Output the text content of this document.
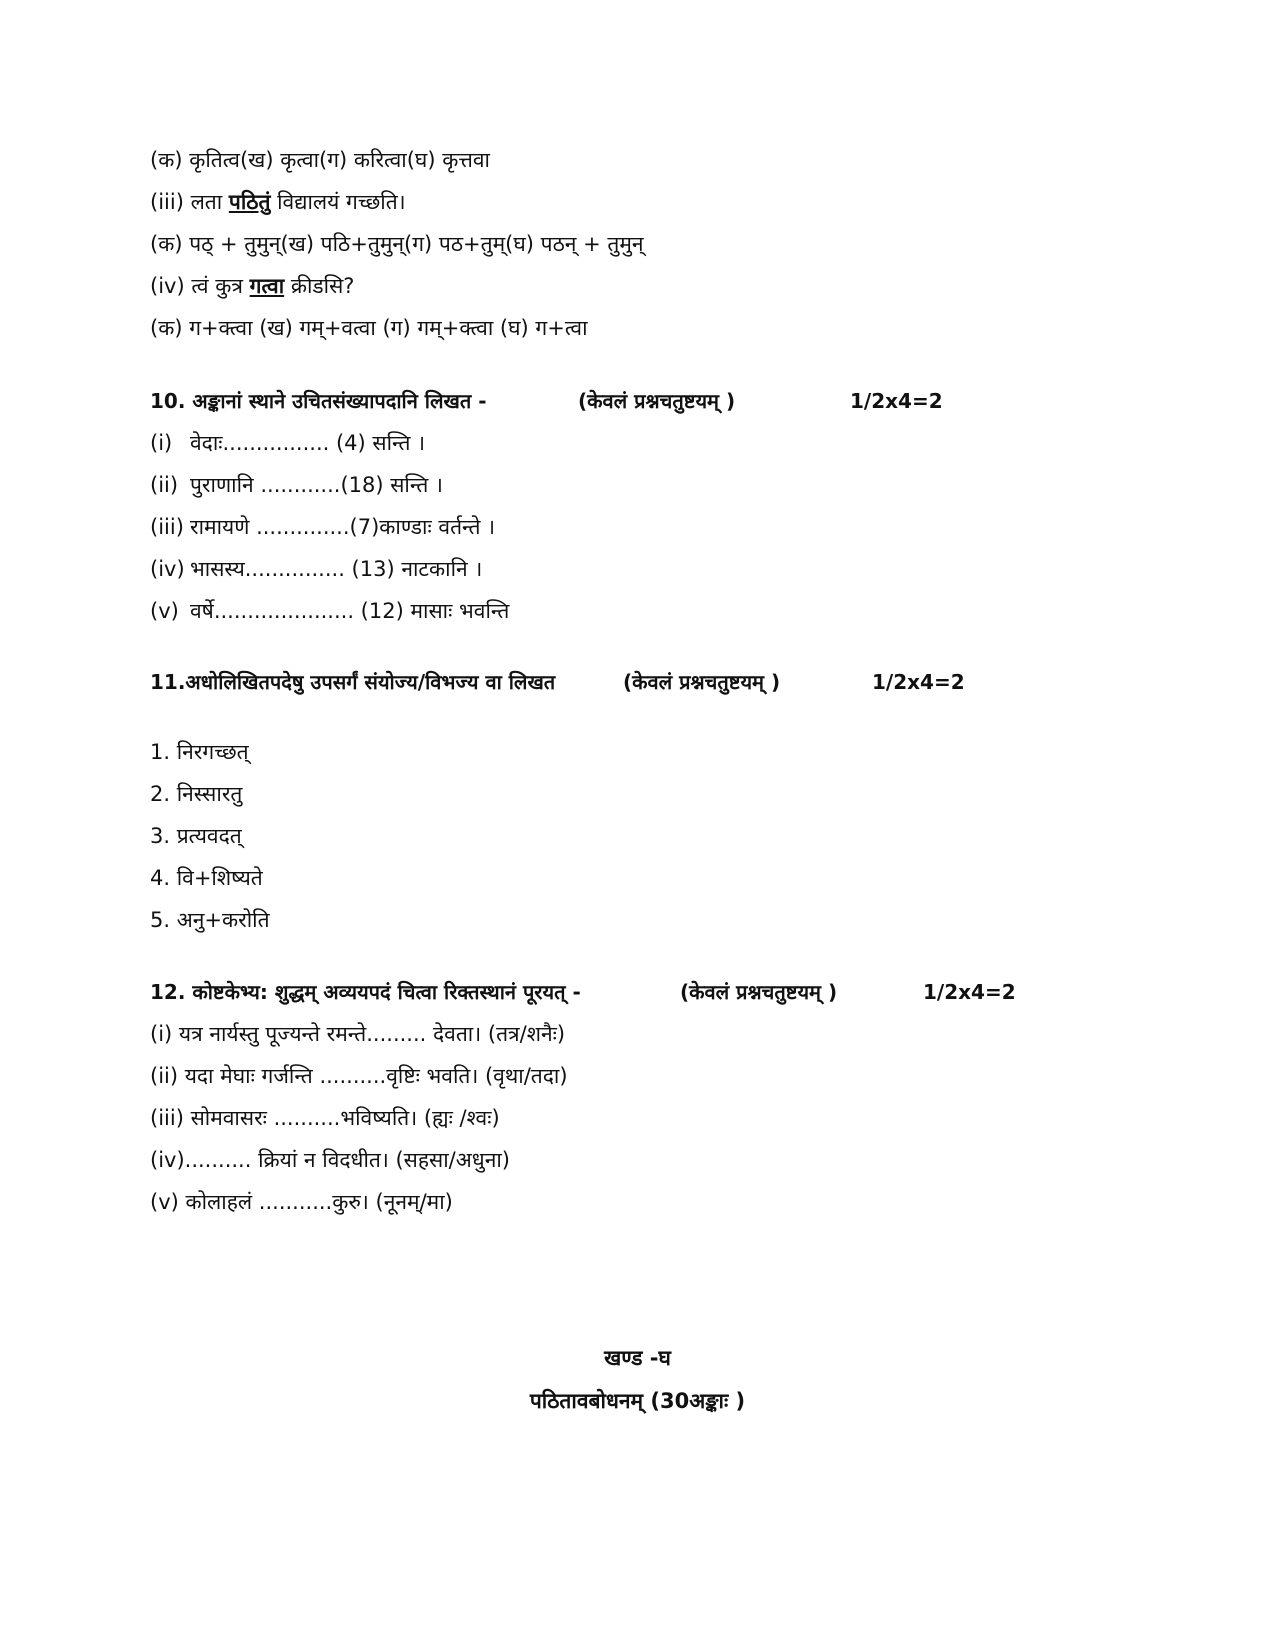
(क) कृतित्व(ख) कृत्वा(ग) करित्वा(घ) कृत्तवा
(iii) लता पठितुं विद्यालयं गच्छति।
(क) पठ् + तुमुन्(ख) पठि+तुमुन्(ग) पठ+तुम्(घ) पठन् + तुमुन्
(iv) त्वं कुत्र गत्वा क्रीडसि?
(क) ग+क्त्वा (ख) गम्+वत्वा (ग) गम्+क्त्वा (घ) ग+त्वा
10. अङ्कानां स्थाने उचितसंख्यापदानि लिखत -	(केवलं प्रश्नचतुष्टयम् )	1/2x4=2
(i) वेदाः................ (4) सन्ति ।
(ii) पुराणानि ............(18) सन्ति ।
(iii) रामायणे ..............(7)काण्डाः वर्तन्ते ।
(iv) भासस्य............... (13) नाटकानि ।
(v) वर्षे..................... (12) मासाः भवन्ति
11.अधोलिखितपदेषु उपसर्गं संयोज्य/विभज्य वा लिखत	(केवलं प्रश्नचतुष्टयम् )	1/2x4=2
1. निरगच्छत्
2. निस्सारतु
3. प्रत्यवदत्
4. वि+शिष्यते
5. अनु+करोति
12. कोष्टकेभ्य: शुद्धम् अव्ययपदं चित्वा रिक्तस्थानं पूरयत् -	(केवलं प्रश्नचतुष्टयम् )	1/2x4=2
(i) यत्र नार्यस्तु पूज्यन्ते रमन्ते......... देवता। (तत्र/शनैः)
(ii) यदा मेघाः गर्जन्ति ..........वृष्टिः भवति। (वृथा/तदा)
(iii) सोमवासरः ..........भविष्यति। (ह्यः /श्वः)
(iv).......... क्रियां न विदधीत। (सहसा/अधुना)
(v) कोलाहलं ...........कुरु। (नूनम्/मा)
खण्ड -घ
पठितावबोधनम् (30अङ्काः )
